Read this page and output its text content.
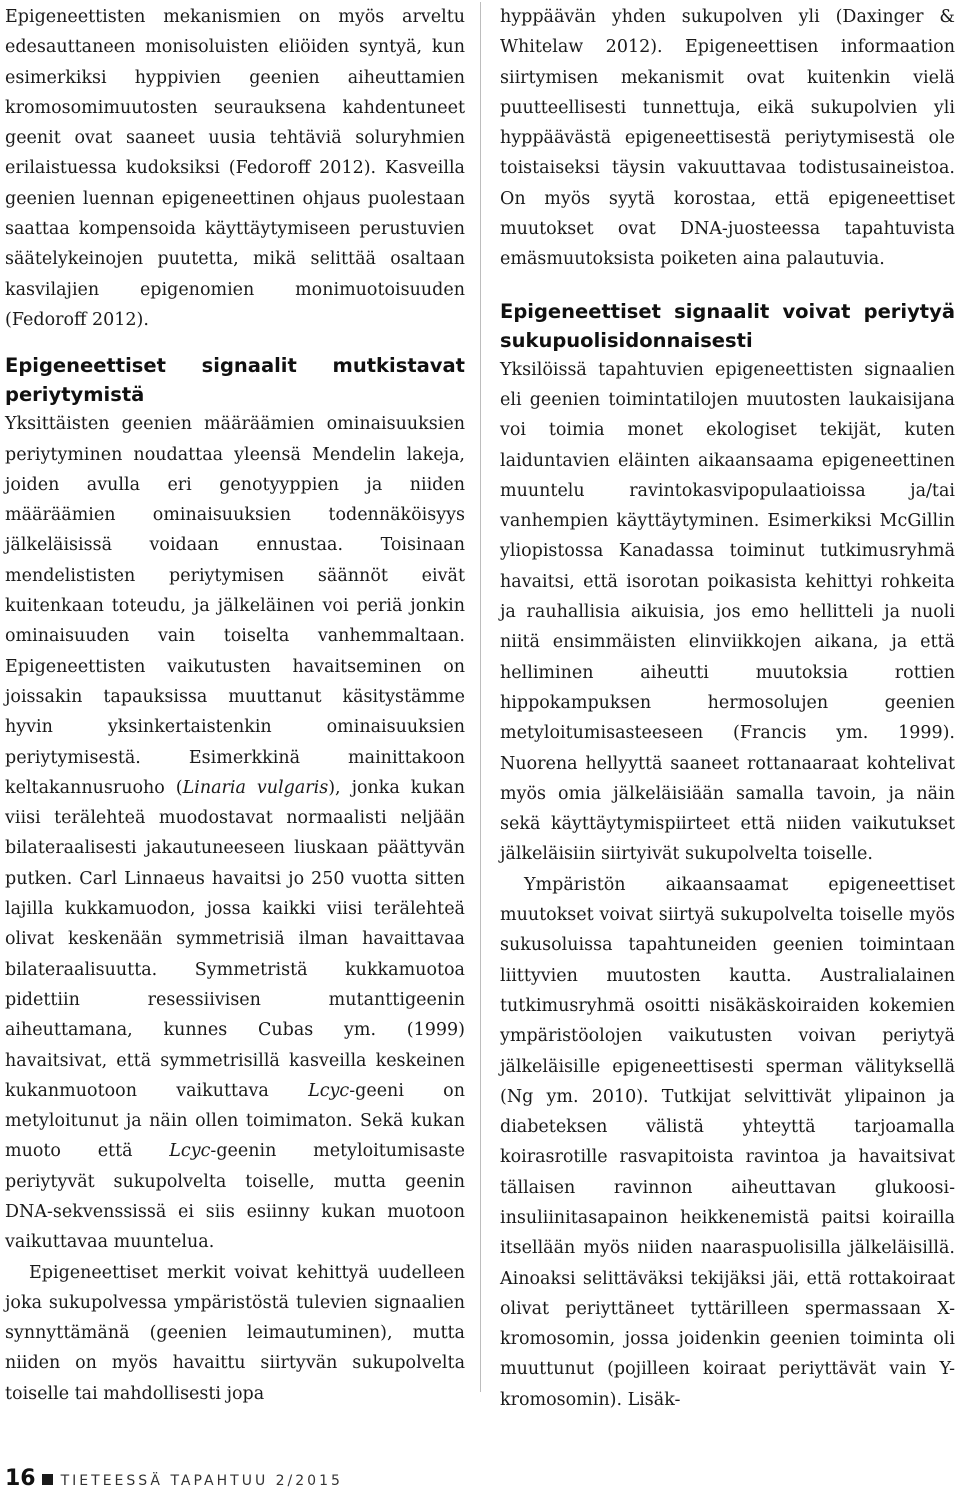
Epigeneettisten mekanismien on myös arveltu edesauttaneen monisoluisten eliöiden syntyä, kun esimerkiksi hyppivien geenien aiheuttamien kromosomimuutosten seurauksena kahdentuneet geenit ovat saaneet uusia tehtäviä soluryhmien erilaistuessa kudoksiksi (Fedoroff 2012). Kasveilla geenien luennan epigeneettinen ohjaus puolestaan saattaa kompensoida käyttäytymiseen perustuvien säätelykeinojen puutetta, mikä selittää osaltaan kasvilajien epigenomien monimuotoisuuden (Fedoroff 2012).

Epigeneettiset signaalit mutkistavat periytymistä

Yksittäisten geenien määräämien ominaisuuksien periytyminen noudattaa yleensä Mendelin lakeja, joiden avulla eri genotyyppien ja niiden määräämien ominaisuuksien todennäköisyys jälkeläisissä voidaan ennustaa. Toisinaan mendelististen periytymisen säännöt eivät kuitenkaan toteudu, ja jälkeläinen voi periä jonkin ominaisuuden vain toiselta vanhemmaltaan. Epigeneettisten vaikutusten havaitseminen on joissakin tapauksissa muuttanut käsitystämme hyvin yksinkertaistenkin ominaisuuksien periytymisestä. Esimerkkinä mainittakoon keltakannusruoho (Linaria vulgaris), jonka kukan viisi terälehteä muodostavat normaalisti neljään bilateraalisesti jakautuneeseen liuskaan päättyvän putken. Carl Linnaeus havaitsi jo 250 vuotta sitten lajilla kukkamuodon, jossa kaikki viisi terälehteä olivat keskenään symmetrisiä ilman havaittavaa bilateraalisuutta. Symmetristä kukkamuotoa pidettiin resessiivisen mutanttigeenin aiheuttamana, kunnes Cubas ym. (1999) havaitsivat, että symmetrisillä kasveilla keskeinen kukanmuotoon vaikuttava Lcyc-geeni on metyloitunut ja näin ollen toimimaton. Sekä kukan muoto että Lcyc-geenin metyloitumisaste periytyvät sukupolvelta toiselle, mutta geenin DNA-sekvenssissä ei siis esiinny kukan muotoon vaikuttavaa muuntelua.

Epigeneettiset merkit voivat kehittyä uudelleen joka sukupolvessa ympäristöstä tulevien signaalien synnyttämänä (geenien leimautuminen), mutta niiden on myös havaittu siirtyvän sukupolvelta toiselle tai mahdollisesti jopa

hyppäävän yhden sukupolven yli (Daxinger & Whitelaw 2012). Epigeneettisen informaation siirtymisen mekanismit ovat kuitenkin vielä puutteellisesti tunnettuja, eikä sukupolvien yli hyppäävästä epigeneettisestä periytymisestä ole toistaiseksi täysin vakuuttavaa todistusaineistoa. On myös syytä korostaa, että epigeneettiset muutokset ovat DNA-juosteessa tapahtuvista emäsmuutoksista poiketen aina palautuvia.

Epigeneettiset signaalit voivat periytyä sukupuolisidonnaisesti

Yksilöissä tapahtuvien epigeneettisten signaalien eli geenien toimintatilojen muutosten laukaisijana voi toimia monet ekologiset tekijät, kuten laiduntavien eläinten aikaansaama epigeneettinen muuntelu ravintokasvipopulaatioissa ja/tai vanhempien käyttäytyminen. Esimerkiksi McGillin yliopistossa Kanadassa toiminut tutkimusryhmä havaitsi, että isorotan poikasista kehittyi rohkeita ja rauhallisia aikuisia, jos emo hellitteli ja nuoli niitä ensimmäisten elinviikkojen aikana, ja että helliminen aiheutti muutoksia rottien hippokampuksen hermosolujen geenien metyloitumisasteeseen (Francis ym. 1999). Nuorena hellyyttä saaneet rottanaaraat kohtelivat myös omia jälkeläisiään samalla tavoin, ja näin sekä käyttäytymispiirteet että niiden vaikutukset jälkeläisiin siirtyivät sukupolvelta toiselle.

Ympäristön aikaansaamat epigeneettiset muutokset voivat siirtyä sukupolvelta toiselle myös sukusoluissa tapahtuneiden geenien toimintaan liittyvien muutosten kautta. Australialainen tutkimusryhmä osoitti nisäkäskoiraiden kokemien ympäristöolojen vaikutusten voivan periytyä jälkeläisille epigeneettisesti sperman välityksellä (Ng ym. 2010). Tutkijat selvittivät ylipainon ja diabeteksen välistä yhteyttä tarjoamalla koirasrotille rasvapitoista ravintoa ja havaitsivat tällaisen ravinnon aiheuttavan glukoosi-insuliinitasapainon heikkenemistä paitsi koirailla itsellään myös niiden naaraspuolisilla jälkeläisillä. Ainoaksi selittäväksi tekijäksi jäi, että rottakoiraat olivat periyttäneet tyttärilleen spermassaan X-kromosomin, jossa joidenkin geenien toiminta oli muuttunut (pojilleen koiraat periyttävät vain Y-kromosomin). Lisäk-

16 TIETEESSÄ TAPAHTUU 2/2015
